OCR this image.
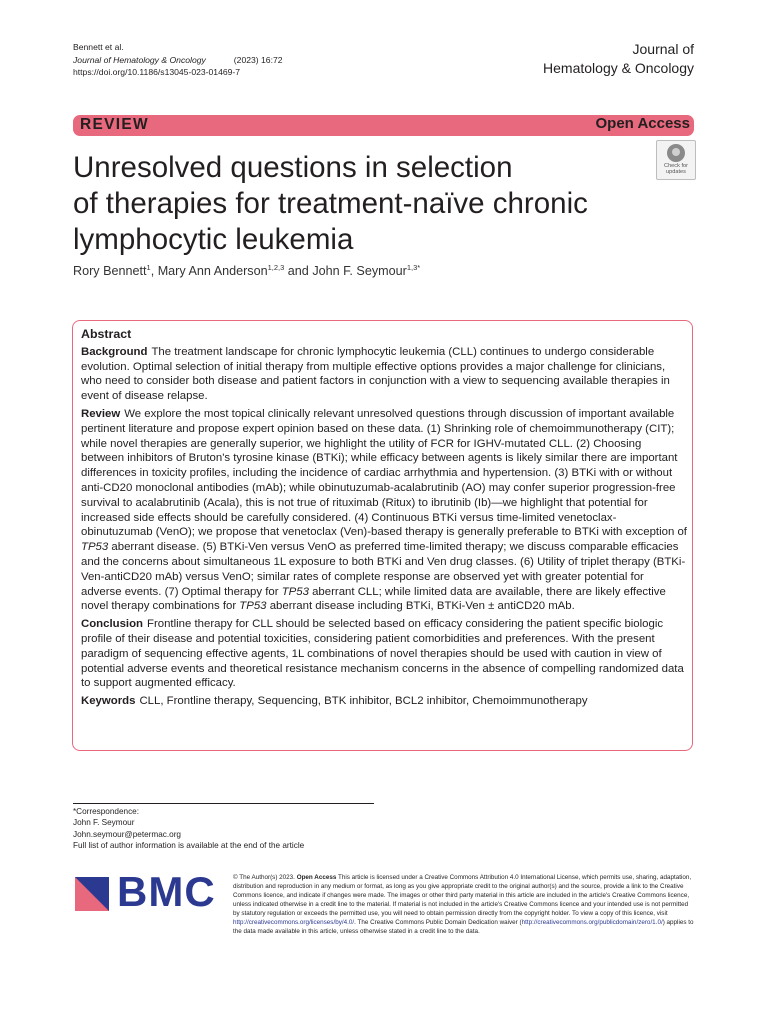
Bennett et al.
Journal of Hematology & Oncology	(2023) 16:72
https://doi.org/10.1186/s13045-023-01469-7
Journal of
Hematology & Oncology
REVIEW	Open Access
Check for
updates
Unresolved questions in selection
of therapies for treatment-naïve chronic
lymphocytic leukemia
Rory Bennett$^1$, Mary Ann Anderson$^{1,2,3}$ and John F. Seymour$^{1,3*}$
Abstract

Background The treatment landscape for chronic lymphocytic leukemia (CLL) continues to undergo considerable evolution. Optimal selection of initial therapy from multiple effective options provides a major challenge for clinicians, who need to consider both disease and patient factors in conjunction with a view to sequencing available therapies in event of disease relapse.

Review We explore the most topical clinically relevant unresolved questions through discussion of important available pertinent literature and propose expert opinion based on these data. (1) Shrinking role of chemoimmunotherapy (CIT); while novel therapies are generally superior, we highlight the utility of FCR for IGHV-mutated CLL. (2) Choosing between inhibitors of Bruton's tyrosine kinase (BTKi); while efficacy between agents is likely similar there are important differences in toxicity profiles, including the incidence of cardiac arrhythmia and hypertension. (3) BTKi with or without anti-CD20 monoclonal antibodies (mAb); while obinutuzumab-acalabrutinib (AO) may confer superior progression-free survival to acalabrutinib (Acala), this is not true of rituximab (Ritux) to ibrutinib (Ib)—we highlight that potential for increased side effects should be carefully considered. (4) Continuous BTKi versus time-limited venetoclax-obinutuzumab (VenO); we propose that venetoclax (Ven)-based therapy is generally preferable to BTKi with exception of TP53 aberrant disease. (5) BTKi-Ven versus VenO as preferred time-limited therapy; we discuss comparable efficacies and the concerns about simultaneous 1L exposure to both BTKi and Ven drug classes. (6) Utility of triplet therapy (BTKi-Ven-antiCD20 mAb) versus VenO; similar rates of complete response are observed yet with greater potential for adverse events. (7) Optimal therapy for TP53 aberrant CLL; while limited data are available, there are likely effective novel therapy combinations for TP53 aberrant disease including BTKi, BTKi-Ven ± antiCD20 mAb.

Conclusion Frontline therapy for CLL should be selected based on efficacy considering the patient specific biologic profile of their disease and potential toxicities, considering patient comorbidities and preferences. With the present paradigm of sequencing effective agents, 1L combinations of novel therapies should be used with caution in view of potential adverse events and theoretical resistance mechanism concerns in the absence of compelling randomized data to support augmented efficacy.

Keywords CLL, Frontline therapy, Sequencing, BTK inhibitor, BCL2 inhibitor, Chemoimmunotherapy

*Correspondence:
John F. Seymour
John.seymour@petermac.org
Full list of author information is available at the end of the article
BMC	© The Author(s) 2023. Open Access This article is licensed under a Creative Commons Attribution 4.0 International License, which permits use, sharing, adaptation, distribution and reproduction in any medium or format, as long as you give appropriate credit to the original author(s) and the source, provide a link to the Creative Commons licence, and indicate if changes were made. The images or other third party material in this article are included in the article's Creative Commons licence, unless indicated otherwise in a credit line to the material. If material is not included in the article's Creative Commons licence and your intended use is not permitted by statutory regulation or exceeds the permitted use, you will need to obtain permission directly from the copyright holder. To view a copy of this licence, visit http://creativecommons.org/licenses/by/4.0/. The Creative Commons Public Domain Dedication waiver (http://creativecommons.org/publicdomain/zero/1.0/) applies to the data made available in this article, unless otherwise stated in a credit line to the data.
